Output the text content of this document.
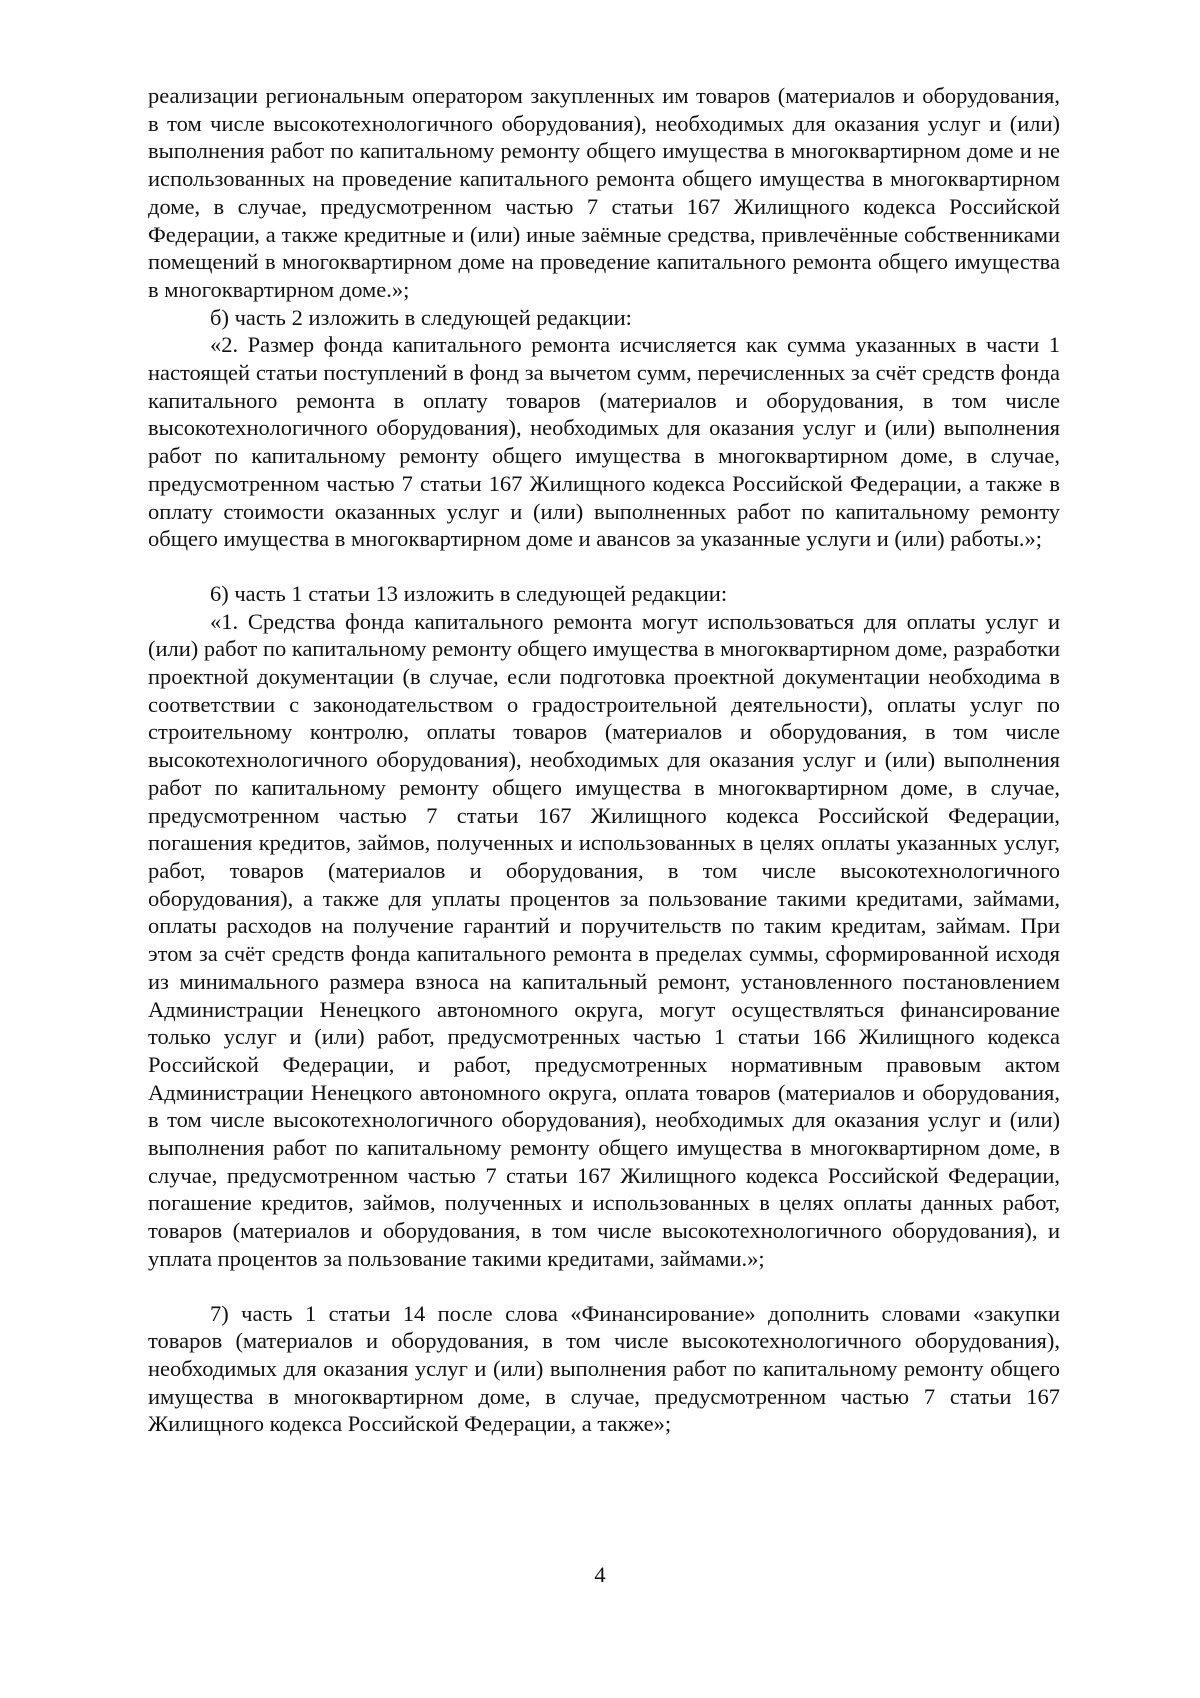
реализации региональным оператором закупленных им товаров (материалов и оборудования, в том числе высокотехнологичного оборудования), необходимых для оказания услуг и (или) выполнения работ по капитальному ремонту общего имущества в многоквартирном доме и не использованных на проведение капитального ремонта общего имущества в многоквартирном доме, в случае, предусмотренном частью 7 статьи 167 Жилищного кодекса Российской Федерации, а также кредитные и (или) иные заёмные средства, привлечённые собственниками помещений в многоквартирном доме на проведение капитального ремонта общего имущества в многоквартирном доме.»;

б) часть 2 изложить в следующей редакции:

«2. Размер фонда капитального ремонта исчисляется как сумма указанных в части 1 настоящей статьи поступлений в фонд за вычетом сумм, перечисленных за счёт средств фонда капитального ремонта в оплату товаров (материалов и оборудования, в том числе высокотехнологичного оборудования), необходимых для оказания услуг и (или) выполнения работ по капитальному ремонту общего имущества в многоквартирном доме, в случае, предусмотренном частью 7 статьи 167 Жилищного кодекса Российской Федерации, а также в оплату стоимости оказанных услуг и (или) выполненных работ по капитальному ремонту общего имущества в многоквартирном доме и авансов за указанные услуги и (или) работы.»;

6) часть 1 статьи 13 изложить в следующей редакции:

«1. Средства фонда капитального ремонта могут использоваться для оплаты услуг и (или) работ по капитальному ремонту общего имущества в многоквартирном доме, разработки проектной документации (в случае, если подготовка проектной документации необходима в соответствии с законодательством о градостроительной деятельности), оплаты услуг по строительному контролю, оплаты товаров (материалов и оборудования, в том числе высокотехнологичного оборудования), необходимых для оказания услуг и (или) выполнения работ по капитальному ремонту общего имущества в многоквартирном доме, в случае, предусмотренном частью 7 статьи 167 Жилищного кодекса Российской Федерации, погашения кредитов, займов, полученных и использованных в целях оплаты указанных услуг, работ, товаров (материалов и оборудования, в том числе высокотехнологичного оборудования), а также для уплаты процентов за пользование такими кредитами, займами, оплаты расходов на получение гарантий и поручительств по таким кредитам, займам. При этом за счёт средств фонда капитального ремонта в пределах суммы, сформированной исходя из минимального размера взноса на капитальный ремонт, установленного постановлением Администрации Ненецкого автономного округа, могут осуществляться финансирование только услуг и (или) работ, предусмотренных частью 1 статьи 166 Жилищного кодекса Российской Федерации, и работ, предусмотренных нормативным правовым актом Администрации Ненецкого автономного округа, оплата товаров (материалов и оборудования, в том числе высокотехнологичного оборудования), необходимых для оказания услуг и (или) выполнения работ по капитальному ремонту общего имущества в многоквартирном доме, в случае, предусмотренном частью 7 статьи 167 Жилищного кодекса Российской Федерации, погашение кредитов, займов, полученных и использованных в целях оплаты данных работ, товаров (материалов и оборудования, в том числе высокотехнологичного оборудования), и уплата процентов за пользование такими кредитами, займами.»;

7) часть 1 статьи 14 после слова «Финансирование» дополнить словами «закупки товаров (материалов и оборудования, в том числе высокотехнологичного оборудования), необходимых для оказания услуг и (или) выполнения работ по капитальному ремонту общего имущества в многоквартирном доме, в случае, предусмотренном частью 7 статьи 167 Жилищного кодекса Российской Федерации, а также»;

4
